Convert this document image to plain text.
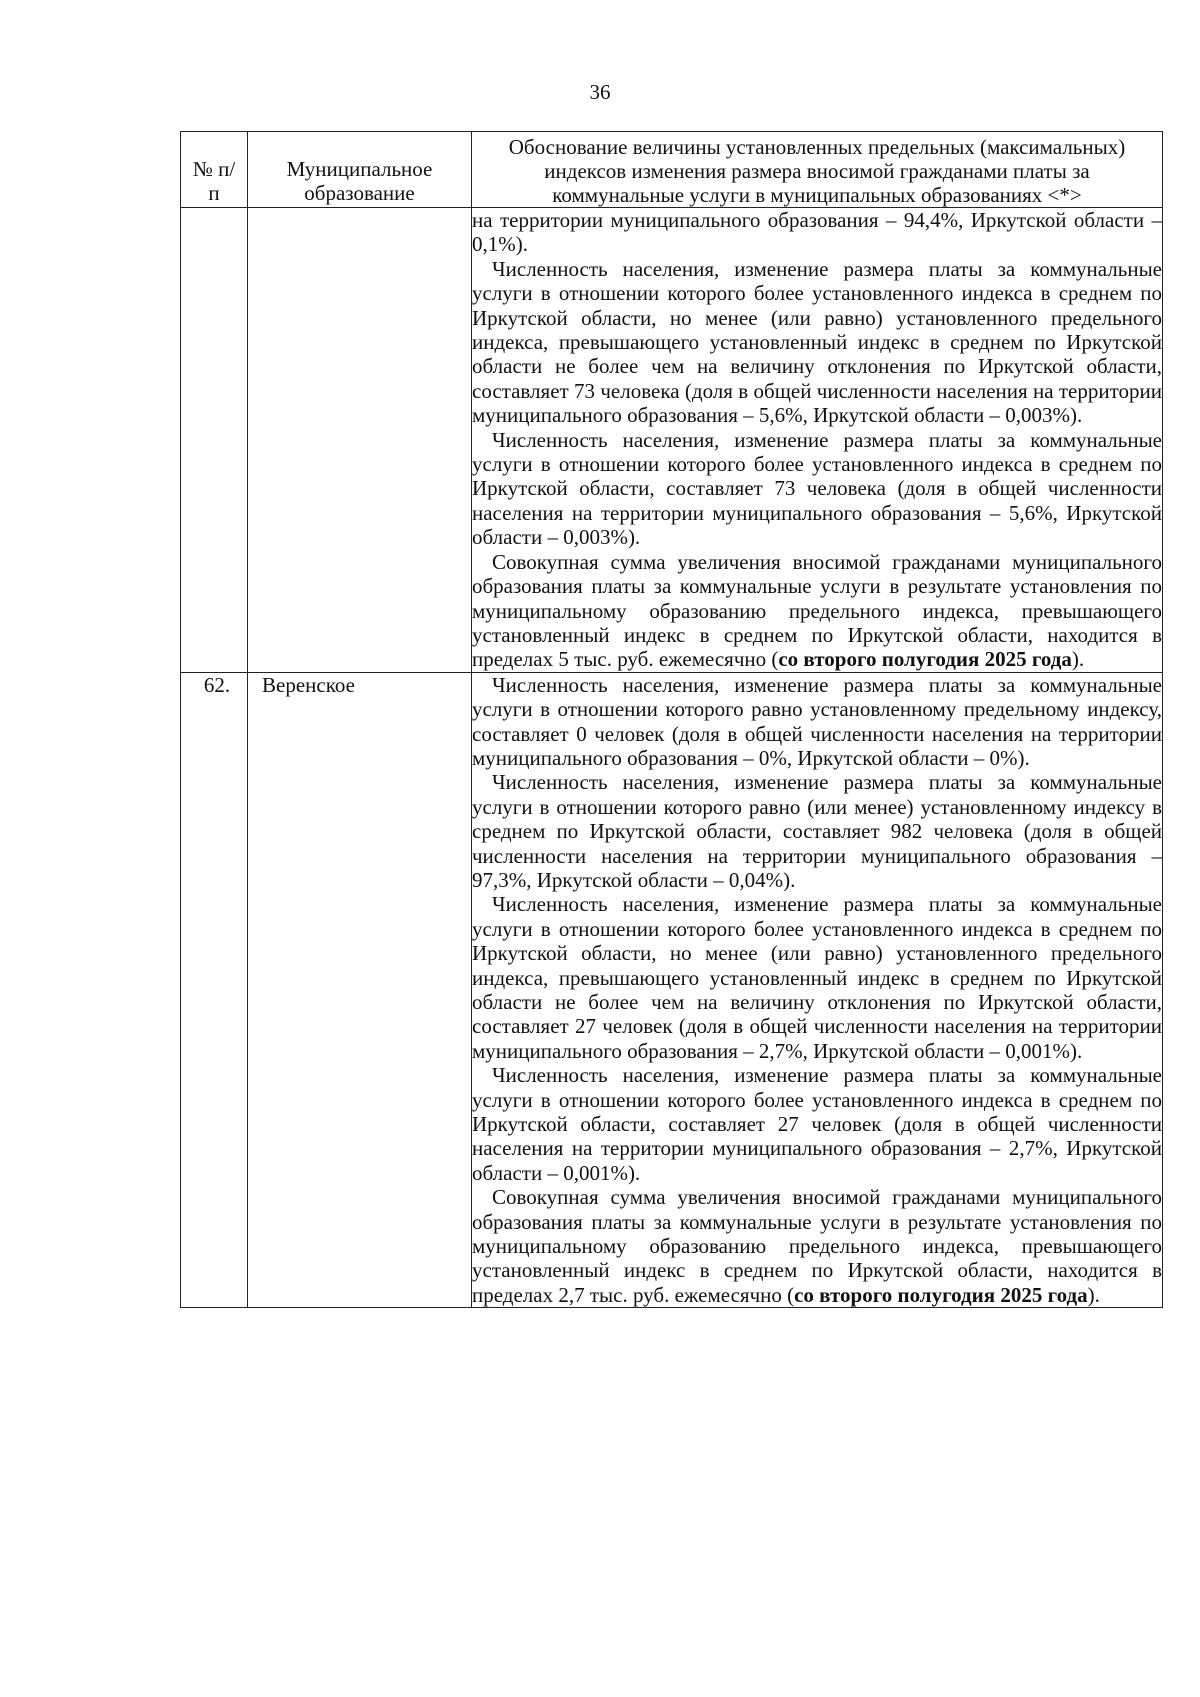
36
№ п/п	Муниципальное образование	Обоснование величины установленных предельных (максимальных) индексов изменения размера вносимой гражданами платы за коммунальные услуги в муниципальных образованиях <*>

		на территории муниципального образования – 94,4%, Иркутской области – 0,1%).

Численность населения, изменение размера платы за коммунальные услуги в отношении которого более установленного индекса в среднем по Иркутской области, но менее (или равно) установленного предельного индекса, превышающего установленный индекс в среднем по Иркутской области не более чем на величину отклонения по Иркутской области, составляет 73 человека (доля в общей численности населения на территории муниципального образования – 5,6%, Иркутской области – 0,003%).

Численность населения, изменение размера платы за коммунальные услуги в отношении которого более установленного индекса в среднем по Иркутской области, составляет 73 человека (доля в общей численности населения на территории муниципального образования – 5,6%, Иркутской области – 0,003%).

Совокупная сумма увеличения вносимой гражданами муниципального образования платы за коммунальные услуги в результате установления по муниципальному образованию предельного индекса, превышающего установленный индекс в среднем по Иркутской области, находится в пределах 5 тыс. руб. ежемесячно (со второго полугодия 2025 года).

62.	Веренское	Численность населения, изменение размера платы за коммунальные услуги в отношении которого равно установленному предельному индексу, составляет 0 человек (доля в общей численности населения на территории муниципального образования – 0%, Иркутской области – 0%).

Численность населения, изменение размера платы за коммунальные услуги в отношении которого равно (или менее) установленному индексу в среднем по Иркутской области, составляет 982 человека (доля в общей численности населения на территории муниципального образования – 97,3%, Иркутской области – 0,04%).

Численность населения, изменение размера платы за коммунальные услуги в отношении которого более установленного индекса в среднем по Иркутской области, но менее (или равно) установленного предельного индекса, превышающего установленный индекс в среднем по Иркутской области не более чем на величину отклонения по Иркутской области, составляет 27 человек (доля в общей численности населения на территории муниципального образования – 2,7%, Иркутской области – 0,001%).

Численность населения, изменение размера платы за коммунальные услуги в отношении которого более установленного индекса в среднем по Иркутской области, составляет 27 человек (доля в общей численности населения на территории муниципального образования – 2,7%, Иркутской области – 0,001%).

Совокупная сумма увеличения вносимой гражданами муниципального образования платы за коммунальные услуги в результате установления по муниципальному образованию предельного индекса, превышающего установленный индекс в среднем по Иркутской области, находится в пределах 2,7 тыс. руб. ежемесячно (со второго полугодия 2025 года).
